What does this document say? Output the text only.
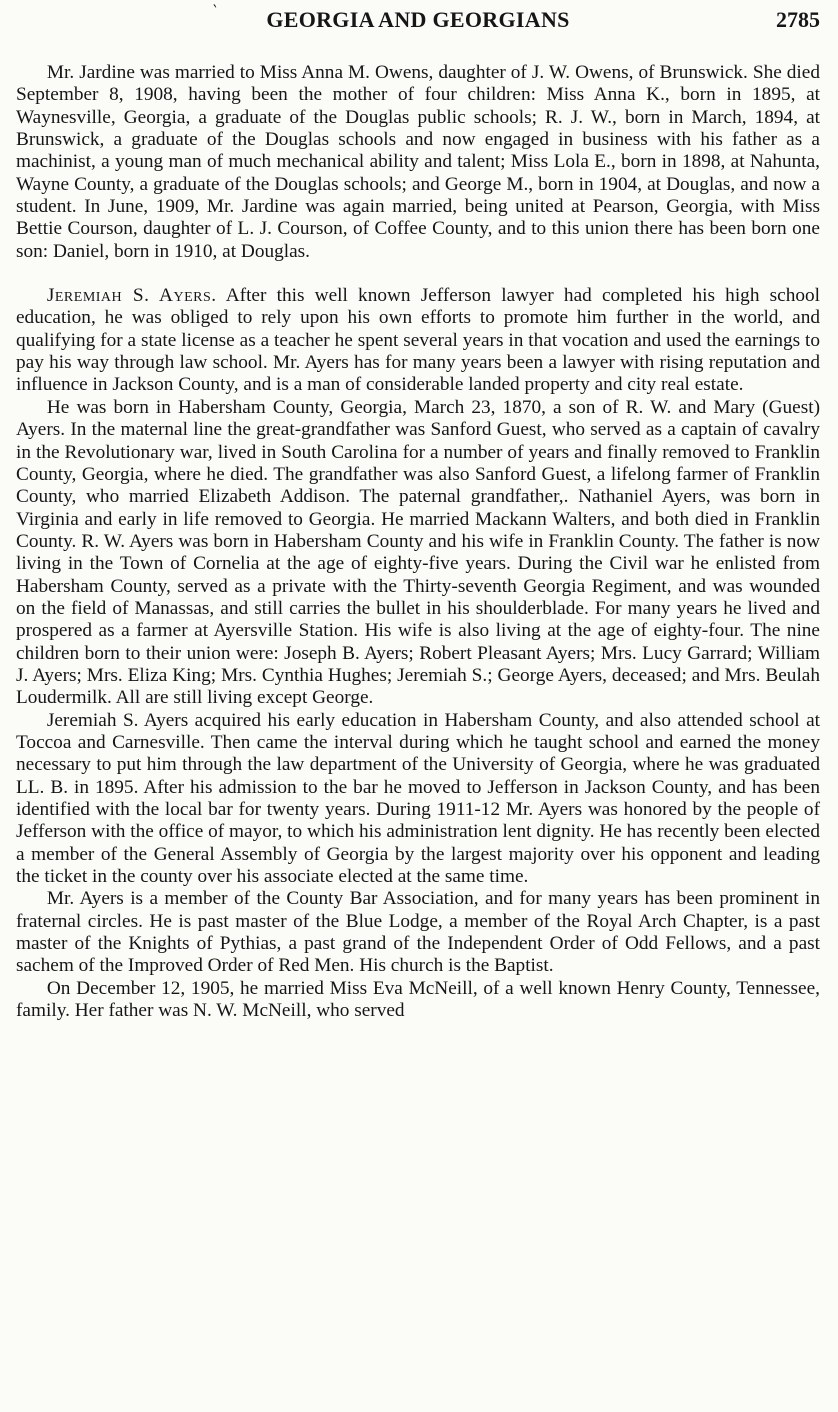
‵	GEORGIA AND GEORGIANS	2785

Mr. Jardine was married to Miss Anna M. Owens, daughter of J. W. Owens, of Brunswick. She died September 8, 1908, having been the mother of four children: Miss Anna K., born in 1895, at Waynesville, Georgia, a graduate of the Douglas public schools; R. J. W., born in March, 1894, at Brunswick, a graduate of the Douglas schools and now engaged in business with his father as a machinist, a young man of much mechanical ability and talent; Miss Lola E., born in 1898, at Nahunta, Wayne County, a graduate of the Douglas schools; and George M., born in 1904, at Douglas, and now a student. In June, 1909, Mr. Jardine was again married, being united at Pearson, Georgia, with Miss Bettie Courson, daughter of L. J. Courson, of Coffee County, and to this union there has been born one son: Daniel, born in 1910, at Douglas.

Jeremiah S. Ayers. After this well known Jefferson lawyer had completed his high school education, he was obliged to rely upon his own efforts to promote him further in the world, and qualifying for a state license as a teacher he spent several years in that vocation and used the earnings to pay his way through law school. Mr. Ayers has for many years been a lawyer with rising reputation and influence in Jackson County, and is a man of considerable landed property and city real estate.

He was born in Habersham County, Georgia, March 23, 1870, a son of R. W. and Mary (Guest) Ayers. In the maternal line the great-grandfather was Sanford Guest, who served as a captain of cavalry in the Revolutionary war, lived in South Carolina for a number of years and finally removed to Franklin County, Georgia, where he died. The grandfather was also Sanford Guest, a lifelong farmer of Franklin County, who married Elizabeth Addison. The paternal grandfather,. Nathaniel Ayers, was born in Virginia and early in life removed to Georgia. He married Mackann Walters, and both died in Franklin County. R. W. Ayers was born in Habersham County and his wife in Franklin County. The father is now living in the Town of Cornelia at the age of eighty-five years. During the Civil war he enlisted from Habersham County, served as a private with the Thirty-seventh Georgia Regiment, and was wounded on the field of Manassas, and still carries the bullet in his shoulderblade. For many years he lived and prospered as a farmer at Ayersville Station. His wife is also living at the age of eighty-four. The nine children born to their union were: Joseph B. Ayers; Robert Pleasant Ayers; Mrs. Lucy Garrard; William J. Ayers; Mrs. Eliza King; Mrs. Cynthia Hughes; Jeremiah S.; George Ayers, deceased; and Mrs. Beulah Loudermilk. All are still living except George.

Jeremiah S. Ayers acquired his early education in Habersham County, and also attended school at Toccoa and Carnesville. Then came the interval during which he taught school and earned the money necessary to put him through the law department of the University of Georgia, where he was graduated LL. B. in 1895. After his admission to the bar he moved to Jefferson in Jackson County, and has been identified with the local bar for twenty years. During 1911-12 Mr. Ayers was honored by the people of Jefferson with the office of mayor, to which his administration lent dignity. He has recently been elected a member of the General Assembly of Georgia by the largest majority over his opponent and leading the ticket in the county over his associate elected at the same time.

Mr. Ayers is a member of the County Bar Association, and for many years has been prominent in fraternal circles. He is past master of the Blue Lodge, a member of the Royal Arch Chapter, is a past master of the Knights of Pythias, a past grand of the Independent Order of Odd Fellows, and a past sachem of the Improved Order of Red Men. His church is the Baptist.

On December 12, 1905, he married Miss Eva McNeill, of a well known Henry County, Tennessee, family. Her father was N. W. McNeill, who served
